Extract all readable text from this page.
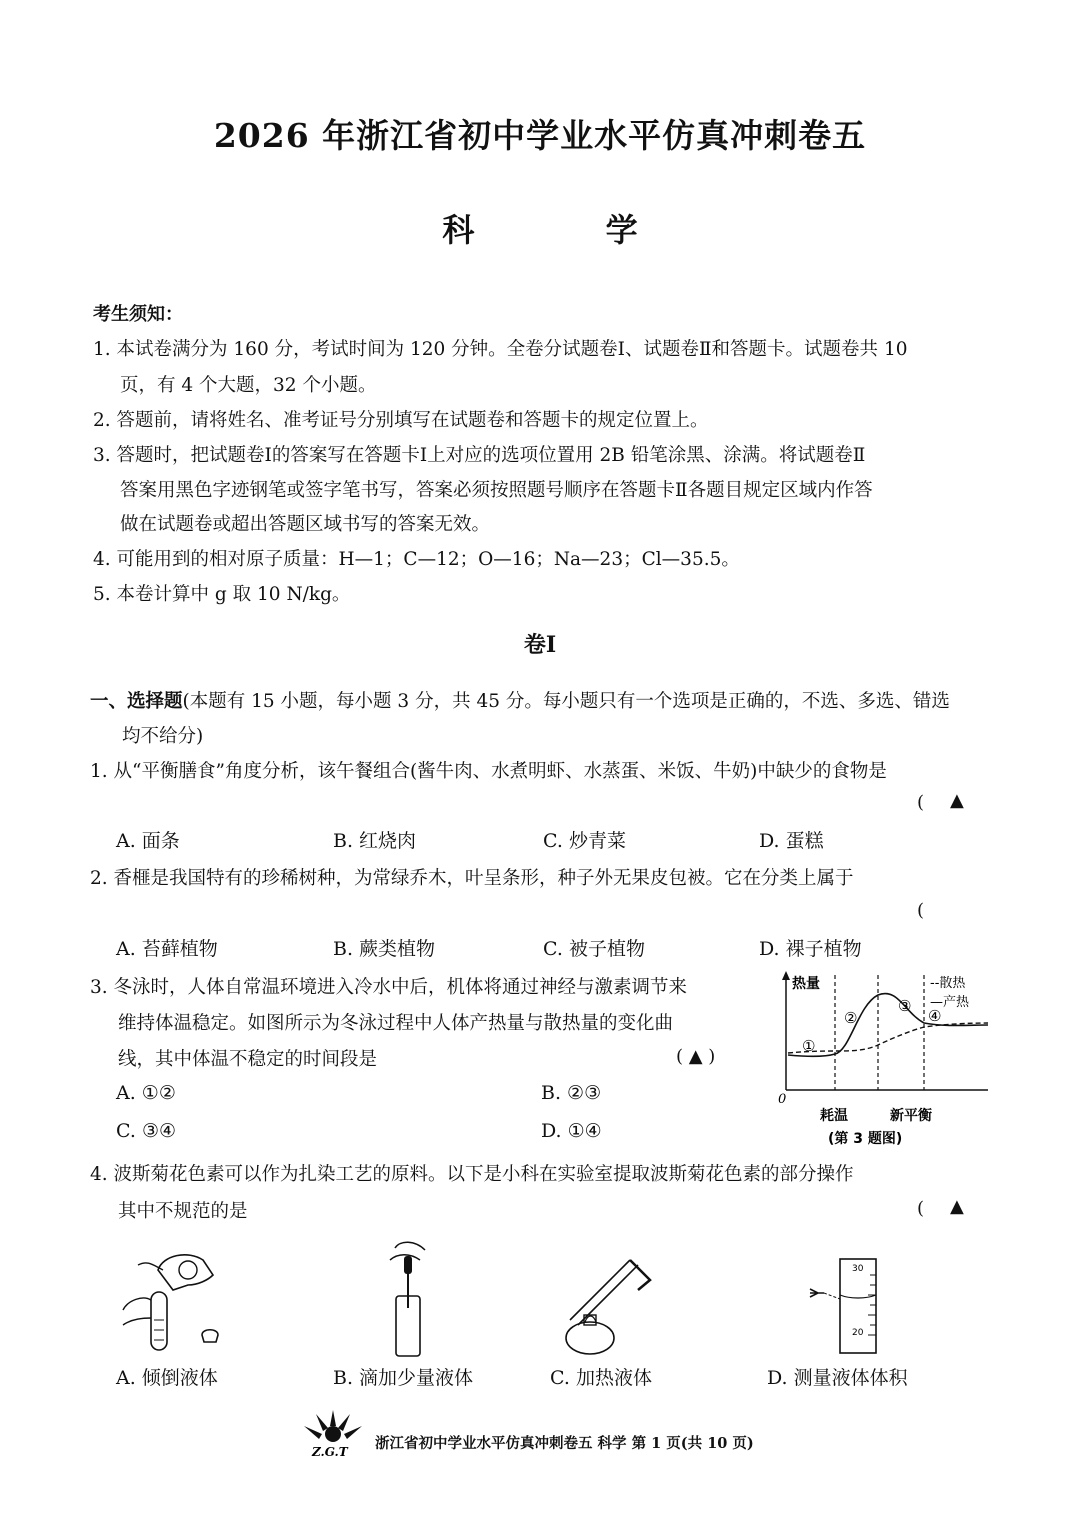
2026 年浙江省初中学业水平仿真冲刺卷五
科 学
考生须知：
1. 本试卷满分为 160 分，考试时间为 120 分钟。全卷分试题卷Ⅰ、试题卷Ⅱ和答题卡。试题卷共 10
页，有 4 个大题，32 个小题。
2. 答题前，请将姓名、准考证号分别填写在试题卷和答题卡的规定位置上。
3. 答题时，把试题卷Ⅰ的答案写在答题卡Ⅰ上对应的选项位置用 2B 铅笔涂黑、涂满。将试题卷Ⅱ
答案用黑色字迹钢笔或签字笔书写，答案必须按照题号顺序在答题卡Ⅱ各题目规定区域内作答
做在试题卷或超出答题区域书写的答案无效。
4. 可能用到的相对原子质量：H—1；C—12；O—16；Na—23；Cl—35.5。
5. 本卷计算中 g 取 10 N/kg。
卷Ⅰ
一、选择题(本题有 15 小题，每小题 3 分，共 45 分。每小题只有一个选项是正确的，不选、多选、错选
均不给分)
1. 从“平衡膳食”角度分析，该午餐组合(酱牛肉、水煮明虾、水蒸蛋、米饭、牛奶)中缺少的食物是
( ▲
A. 面条	B. 红烧肉	C. 炒青菜	D. 蛋糕
2. 香榧是我国特有的珍稀树种，为常绿乔木，叶呈条形，种子外无果皮包被。它在分类上属于
(
A. 苔藓植物	B. 蕨类植物	C. 被子植物	D. 裸子植物
3. 冬泳时，人体自常温环境进入冷水中后，机体将通过神经与激素调节来
维持体温稳定。如图所示为冬泳过程中人体产热量与散热量的变化曲
线，其中体温不稳定的时间段是	( ▲ )
A. ①②	B. ②③
C. ③④	D. ①④
热量	--散热
—产热
①
②
③
④
0
耗温	新平衡
(第 3 题图)
4. 波斯菊花色素可以作为扎染工艺的原料。以下是小科在实验室提取波斯菊花色素的部分操作
其中不规范的是	( ▲
30
20
A. 倾倒液体	B. 滴加少量液体	C. 加热液体	D. 测量液体体积
Z.G.T 浙江省初中学业水平仿真冲刺卷五 科学 第 1 页(共 10 页)
